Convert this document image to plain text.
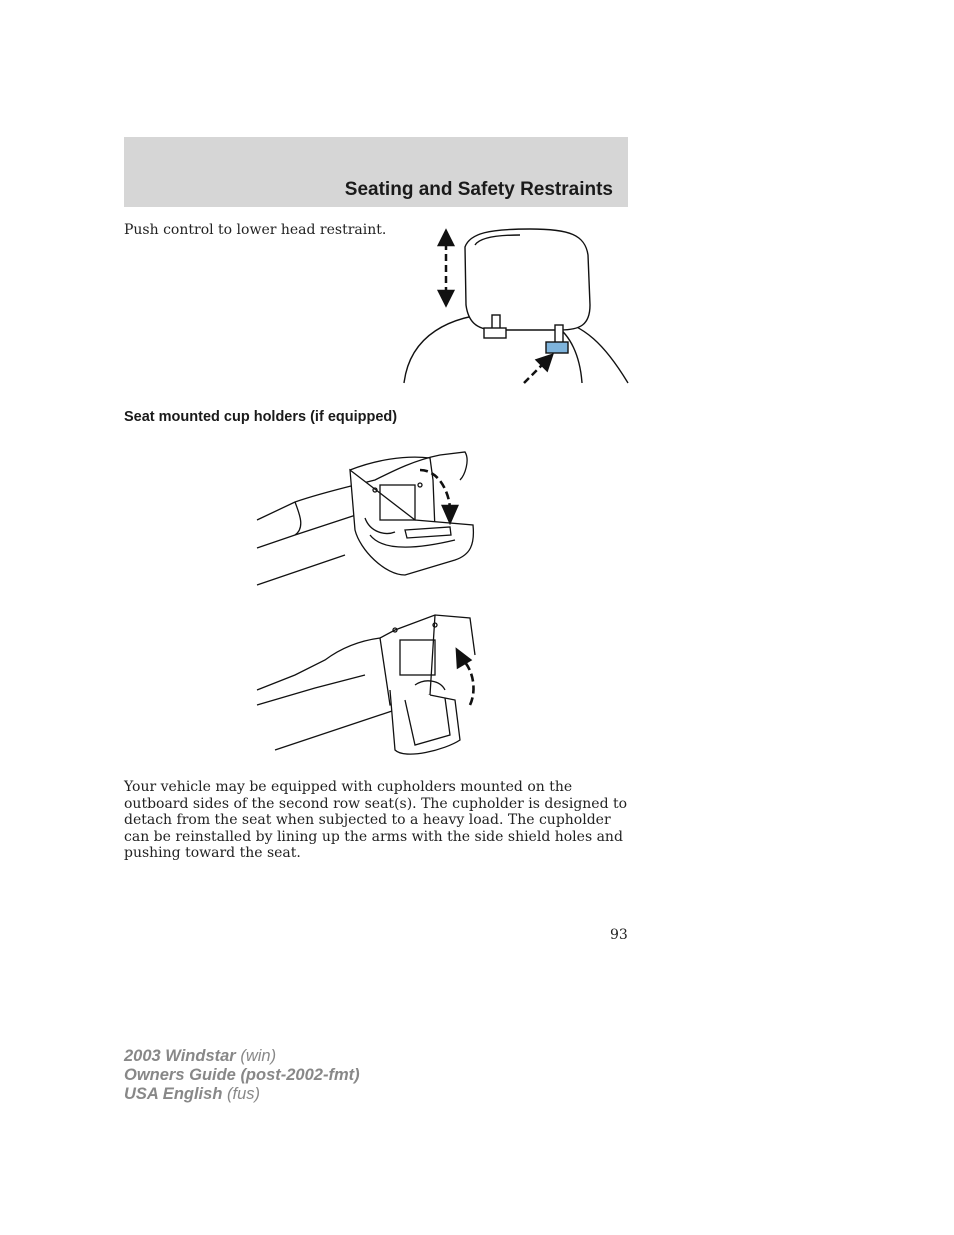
Seating and Safety Restraints
Push control to lower head restraint.
Seat mounted cup holders (if equipped)
Your vehicle may be equipped with cupholders mounted on the outboard sides of the second row seat(s). The cupholder is designed to detach from the seat when subjected to a heavy load. The cupholder can be reinstalled by lining up the arms with the side shield holes and pushing toward the seat.
93
2003 Windstar (win)
Owners Guide (post-2002-fmt)
USA English (fus)
